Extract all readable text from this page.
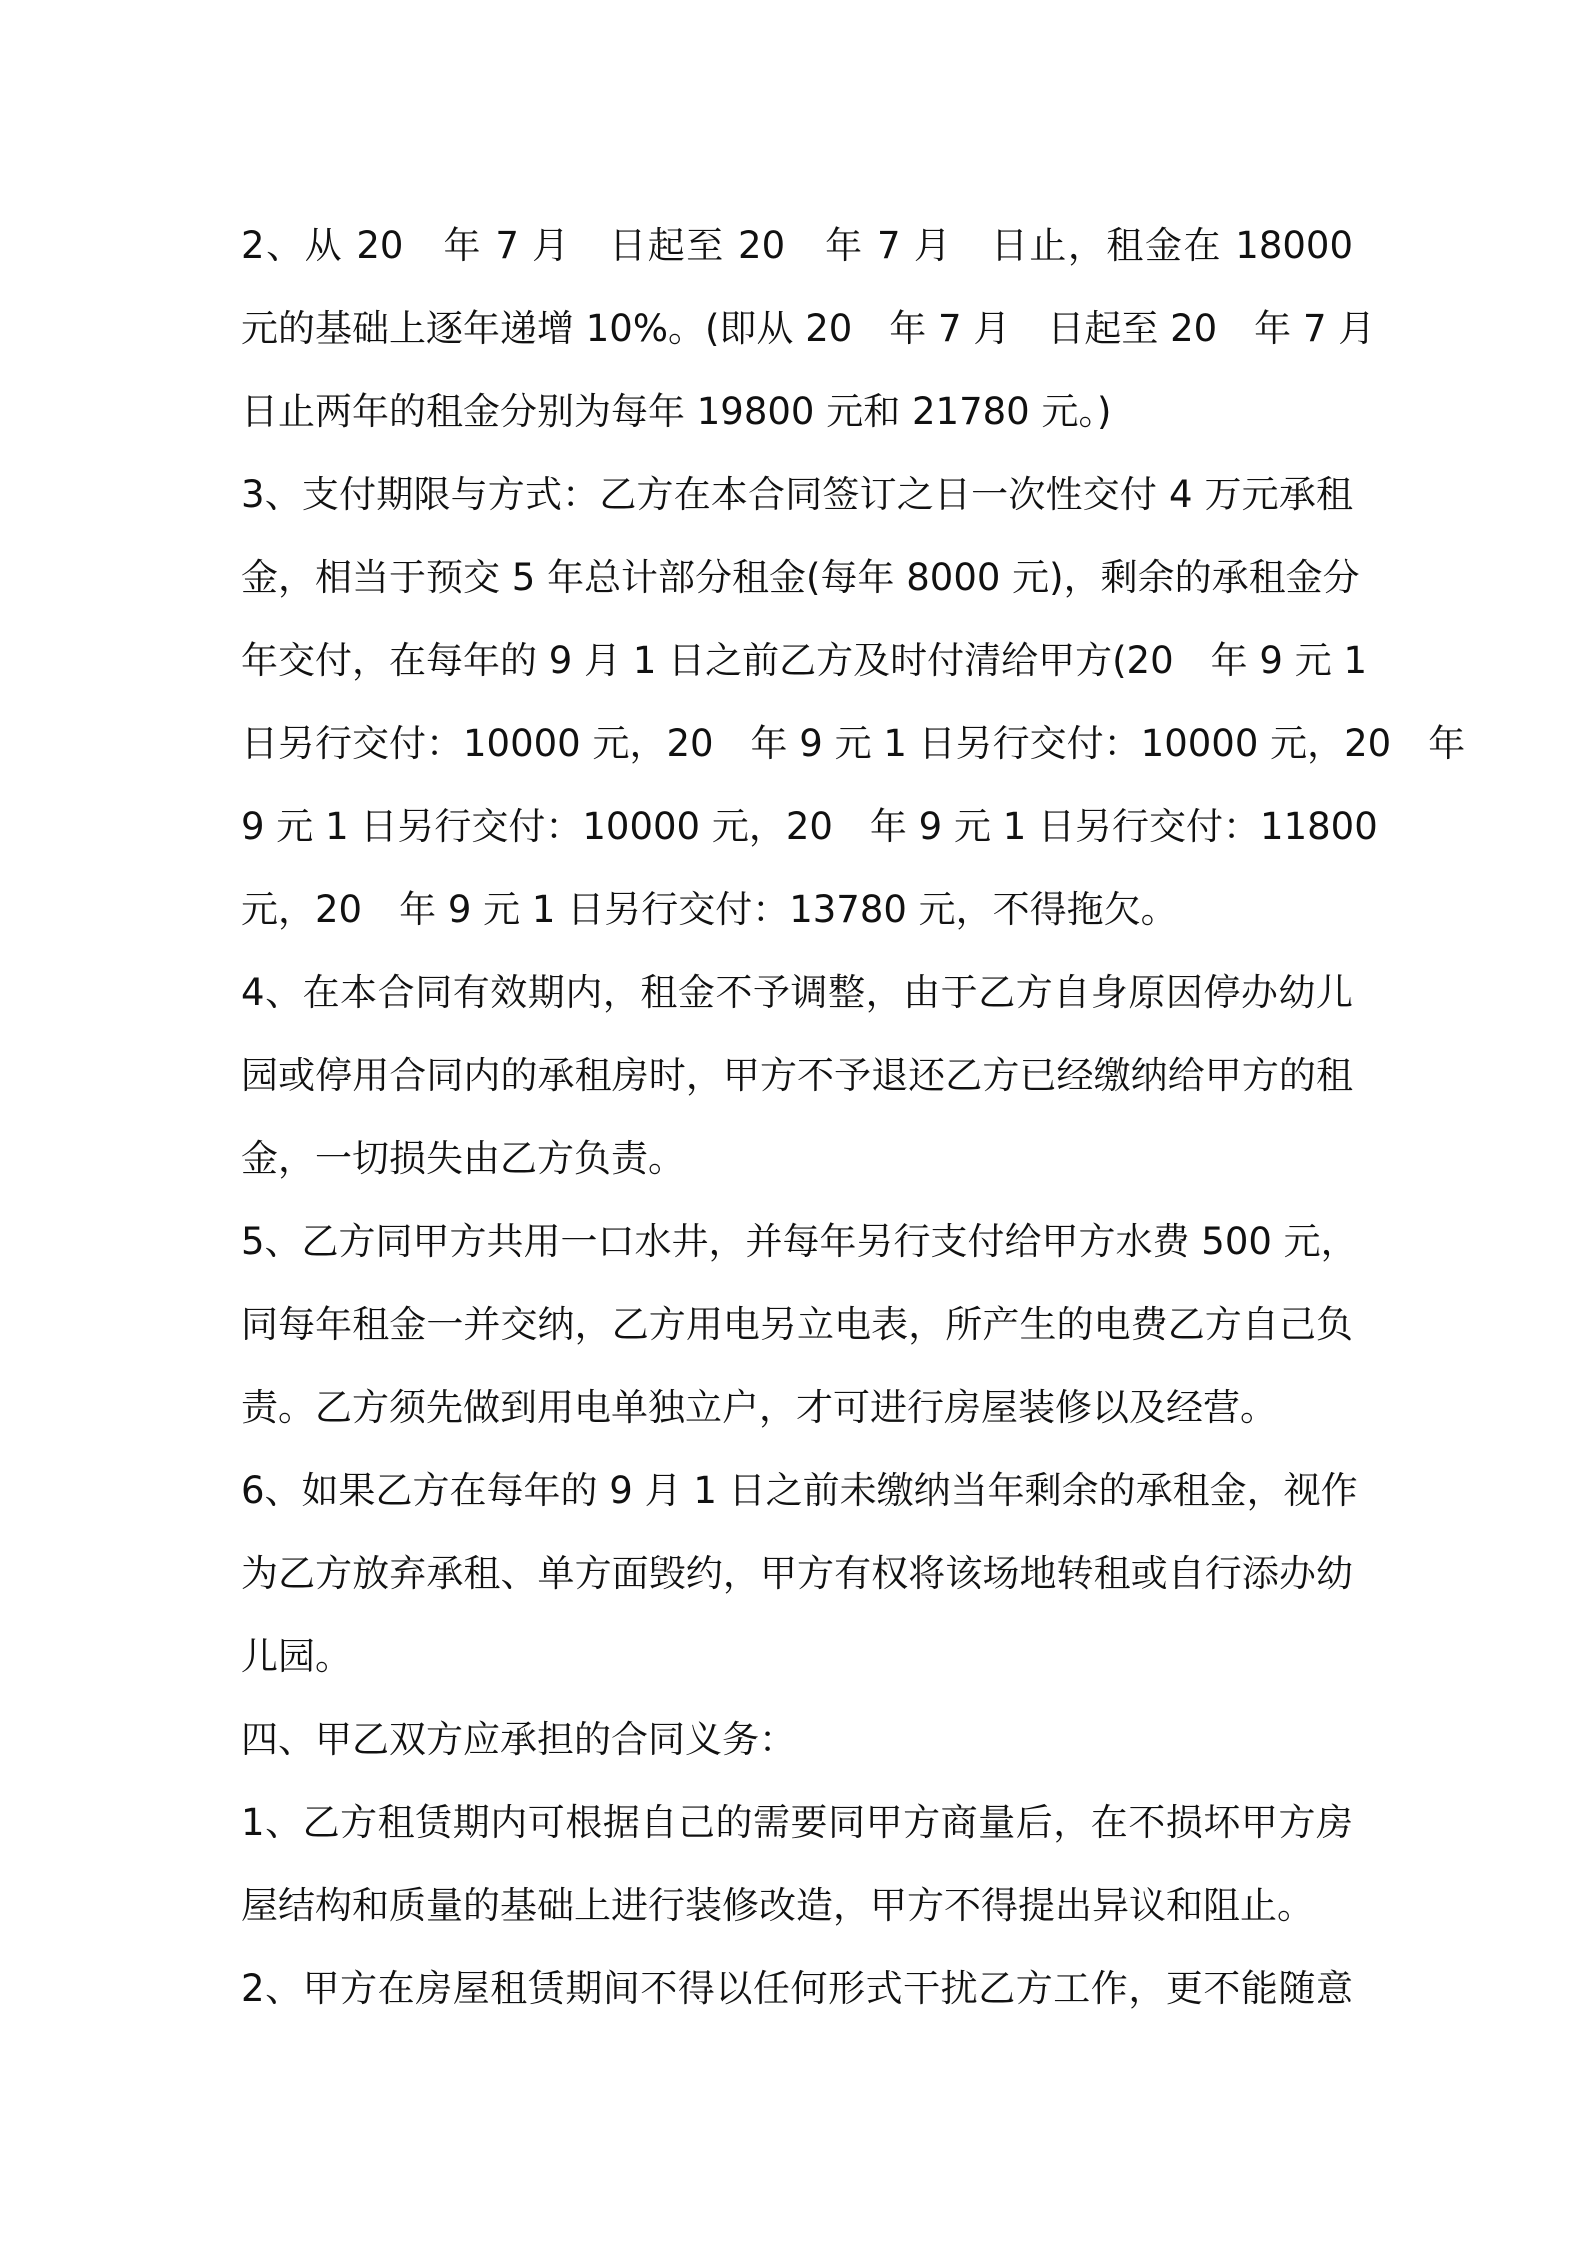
2、从 20　年 7 月　日起至 20　年 7 月　日止，租金在 18000
元的基础上逐年递增 10%。(即从 20　年 7 月　日起至 20　年 7 月
日止两年的租金分别为每年 19800 元和 21780 元。)
3、支付期限与方式：乙方在本合同签订之日一次性交付 4 万元承租
金，相当于预交 5 年总计部分租金(每年 8000 元)，剩余的承租金分
年交付，在每年的 9 月 1 日之前乙方及时付清给甲方(20　年 9 元 1
日另行交付：10000 元，20　年 9 元 1 日另行交付：10000 元，20　年
9 元 1 日另行交付：10000 元，20　年 9 元 1 日另行交付：11800
元，20　年 9 元 1 日另行交付：13780 元，不得拖欠。
4、在本合同有效期内，租金不予调整，由于乙方自身原因停办幼儿
园或停用合同内的承租房时，甲方不予退还乙方已经缴纳给甲方的租
金，一切损失由乙方负责。
5、乙方同甲方共用一口水井，并每年另行支付给甲方水费 500 元，
同每年租金一并交纳，乙方用电另立电表，所产生的电费乙方自己负
责。乙方须先做到用电单独立户，才可进行房屋装修以及经营。
6、如果乙方在每年的 9 月 1 日之前未缴纳当年剩余的承租金，视作
为乙方放弃承租、单方面毁约，甲方有权将该场地转租或自行添办幼
儿园。
四、甲乙双方应承担的合同义务：
1、乙方租赁期内可根据自己的需要同甲方商量后，在不损坏甲方房
屋结构和质量的基础上进行装修改造，甲方不得提出异议和阻止。
2、甲方在房屋租赁期间不得以任何形式干扰乙方工作，更不能随意
